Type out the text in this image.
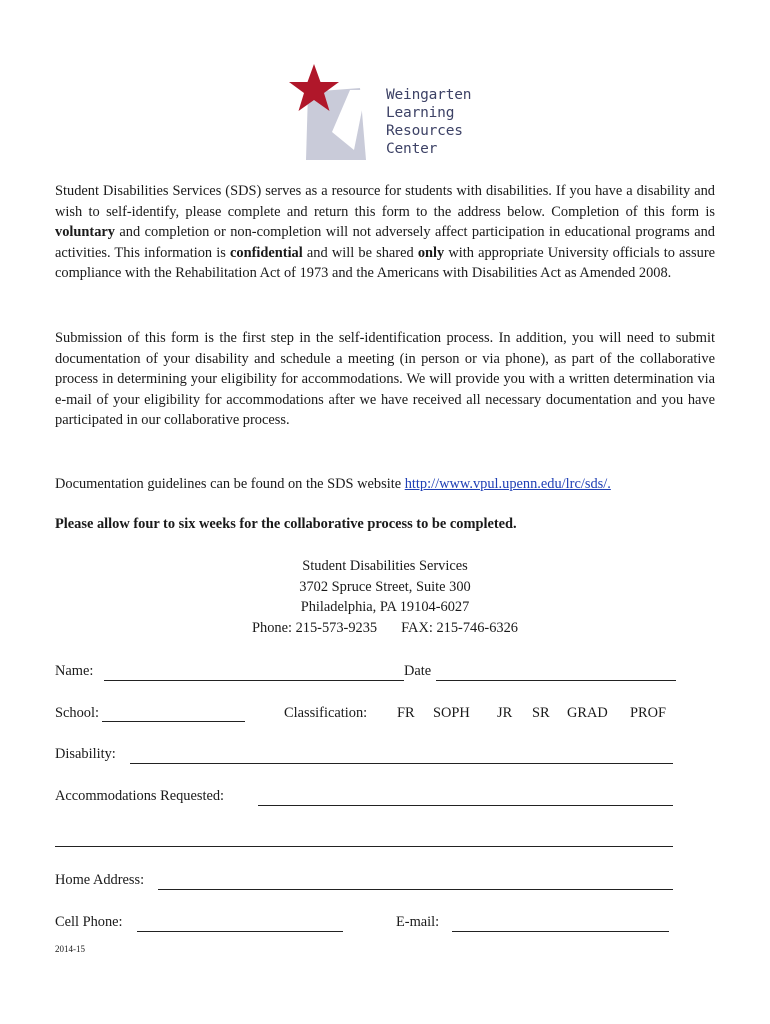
Weingarten
Learning
Resources
Center

Student Disabilities Services (SDS) serves as a resource for students with disabilities. If you have a disability and wish to self-identify, please complete and return this form to the address below. Completion of this form is voluntary and completion or non-completion will not adversely affect participation in educational programs and activities. This information is confidential and will be shared only with appropriate University officials to assure compliance with the Rehabilitation Act of 1973 and the Americans with Disabilities Act as Amended 2008.

Submission of this form is the first step in the self-identification process. In addition, you will need to submit documentation of your disability and schedule a meeting (in person or via phone), as part of the collaborative process in determining your eligibility for accommodations. We will provide you with a written determination via e-mail of your eligibility for accommodations after we have received all necessary documentation and you have participated in our collaborative process.

Documentation guidelines can be found on the SDS website http://www.vpul.upenn.edu/lrc/sds/.

Please allow four to six weeks for the collaborative process to be completed.

Student Disabilities Services
3702 Spruce Street, Suite 300
Philadelphia, PA 19104-6027
Phone: 215-573-9235 FAX: 215-746-6326
Name:	Date
School:	Classification: FR SOPH JR SR GRAD PROF
Disability:
Accommodations Requested:
Home Address:
Cell Phone:	E-mail:
2014-15
